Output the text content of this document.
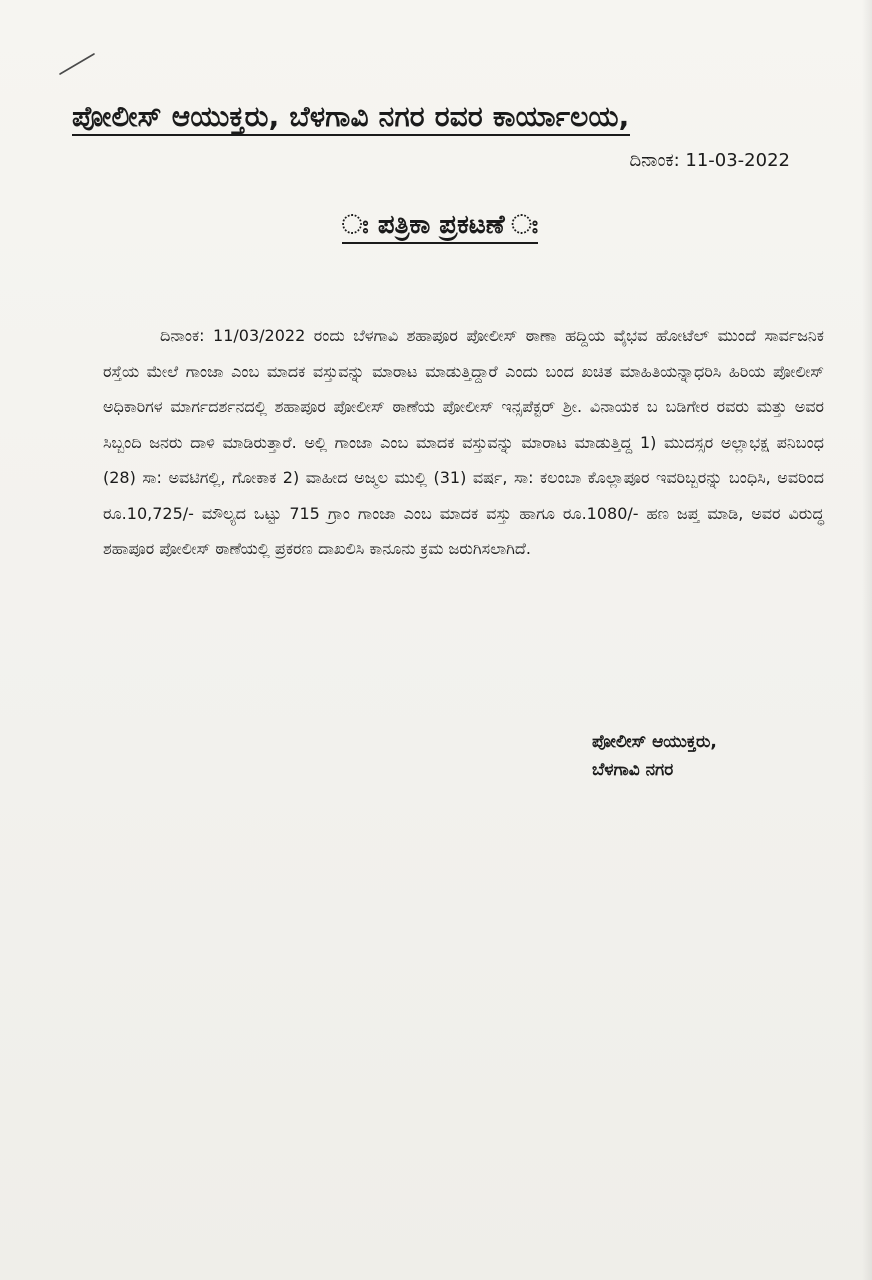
ಪೋಲೀಸ್ ಆಯುಕ್ತರು, ಬೆಳಗಾವಿ ನಗರ ರವರ ಕಾರ್ಯಾಲಯ,
ದಿನಾಂಕ: 11-03-2022
ಃ ಪತ್ರಿಕಾ ಪ್ರಕಟಣೆ ಃ
ದಿನಾಂಕ: 11/03/2022 ರಂದು ಬೆಳಗಾವಿ ಶಹಾಪೂರ ಪೋಲೀಸ್ ಠಾಣಾ ಹದ್ದಿಯ ವೈಭವ ಹೋಟೆಲ್ ಮುಂದೆ ಸಾರ್ವಜನಿಕ ರಸ್ತೆಯ ಮೇಲೆ ಗಾಂಜಾ ಎಂಬ ಮಾದಕ ವಸ್ತುವನ್ನು ಮಾರಾಟ ಮಾಡುತ್ತಿದ್ದಾರೆ ಎಂದು ಬಂದ ಖಚಿತ ಮಾಹಿತಿಯನ್ನಾಧರಿಸಿ ಹಿರಿಯ ಪೋಲೀಸ್ ಅಧಿಕಾರಿಗಳ ಮಾರ್ಗದರ್ಶನದಲ್ಲಿ ಶಹಾಪೂರ ಪೋಲೀಸ್ ಠಾಣೆಯ ಪೋಲೀಸ್ ಇನ್ಸಪೆಕ್ಟರ್ ಶ್ರೀ. ವಿನಾಯಕ ಬ ಬಡಿಗೇರ ರವರು ಮತ್ತು ಅವರ ಸಿಬ್ಬಂದಿ ಜನರು ದಾಳಿ ಮಾಡಿರುತ್ತಾರೆ. ಅಲ್ಲಿ ಗಾಂಜಾ ಎಂಬ ಮಾದಕ ವಸ್ತುವನ್ನು ಮಾರಾಟ ಮಾಡುತ್ತಿದ್ದ 1) ಮುದಸ್ಸರ ಅಲ್ಲಾಭಕ್ಷ ಪನಿಬಂಧ (28) ಸಾ: ಅವಟಿಗಲ್ಲಿ, ಗೋಕಾಕ 2) ವಾಹೀದ ಅಜ್ಮಲ ಮುಲ್ಲಿ (31) ವರ್ಷ, ಸಾ: ಕಲಂಬಾ ಕೊಲ್ಲಾಪೂರ ಇವರಿಬ್ಬರನ್ನು ಬಂಧಿಸಿ, ಅವರಿಂದ ರೂ.10,725/- ಮೌಲ್ಯದ ಒಟ್ಟು 715 ಗ್ರಾಂ ಗಾಂಜಾ ಎಂಬ ಮಾದಕ ವಸ್ತು ಹಾಗೂ ರೂ.1080/- ಹಣ ಜಪ್ತ ಮಾಡಿ, ಅವರ ವಿರುದ್ಧ ಶಹಾಪೂರ ಪೋಲೀಸ್ ಠಾಣೆಯಲ್ಲಿ ಪ್ರಕರಣ ದಾಖಲಿಸಿ ಕಾನೂನು ಕ್ರಮ ಜರುಗಿಸಲಾಗಿದೆ.
ಪೋಲೀಸ್ ಆಯುಕ್ತರು,
ಬೆಳಗಾವಿ ನಗರ
